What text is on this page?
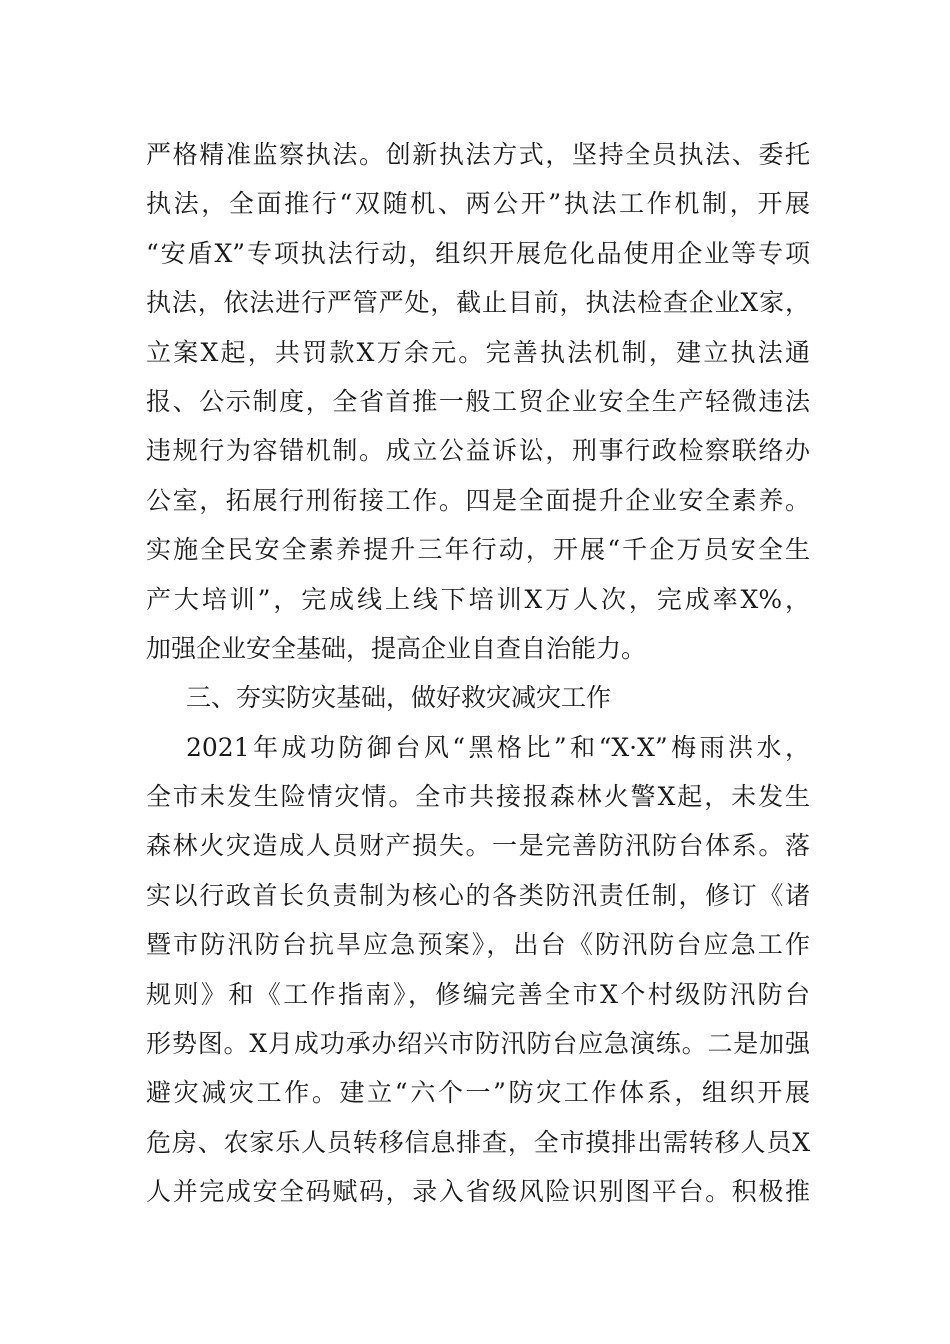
严格精准监察执法。创新执法方式，坚持全员执法、委托
执法，全面推行“双随机、两公开”执法工作机制，开展
“安盾X”专项执法行动，组织开展危化品使用企业等专项
执法，依法进行严管严处，截止目前，执法检查企业X家，
立案X起，共罚款X万余元。完善执法机制，建立执法通
报、公示制度，全省首推一般工贸企业安全生产轻微违法
违规行为容错机制。成立公益诉讼，刑事行政检察联络办
公室，拓展行刑衔接工作。四是全面提升企业安全素养。
实施全民安全素养提升三年行动，开展“千企万员安全生
产大培训”，完成线上线下培训X万人次，完成率X%，
加强企业安全基础，提高企业自查自治能力。
三、夯实防灾基础，做好救灾减灾工作
2021年成功防御台风“黑格比”和“X·X”梅雨洪水，
全市未发生险情灾情。全市共接报森林火警X起，未发生
森林火灾造成人员财产损失。一是完善防汛防台体系。落
实以行政首长负责制为核心的各类防汛责任制，修订《诸
暨市防汛防台抗旱应急预案》，出台《防汛防台应急工作
规则》和《工作指南》，修编完善全市X个村级防汛防台
形势图。X月成功承办绍兴市防汛防台应急演练。二是加强
避灾减灾工作。建立“六个一”防灾工作体系，组织开展
危房、农家乐人员转移信息排查，全市摸排出需转移人员X
人并完成安全码赋码，录入省级风险识别图平台。积极推
